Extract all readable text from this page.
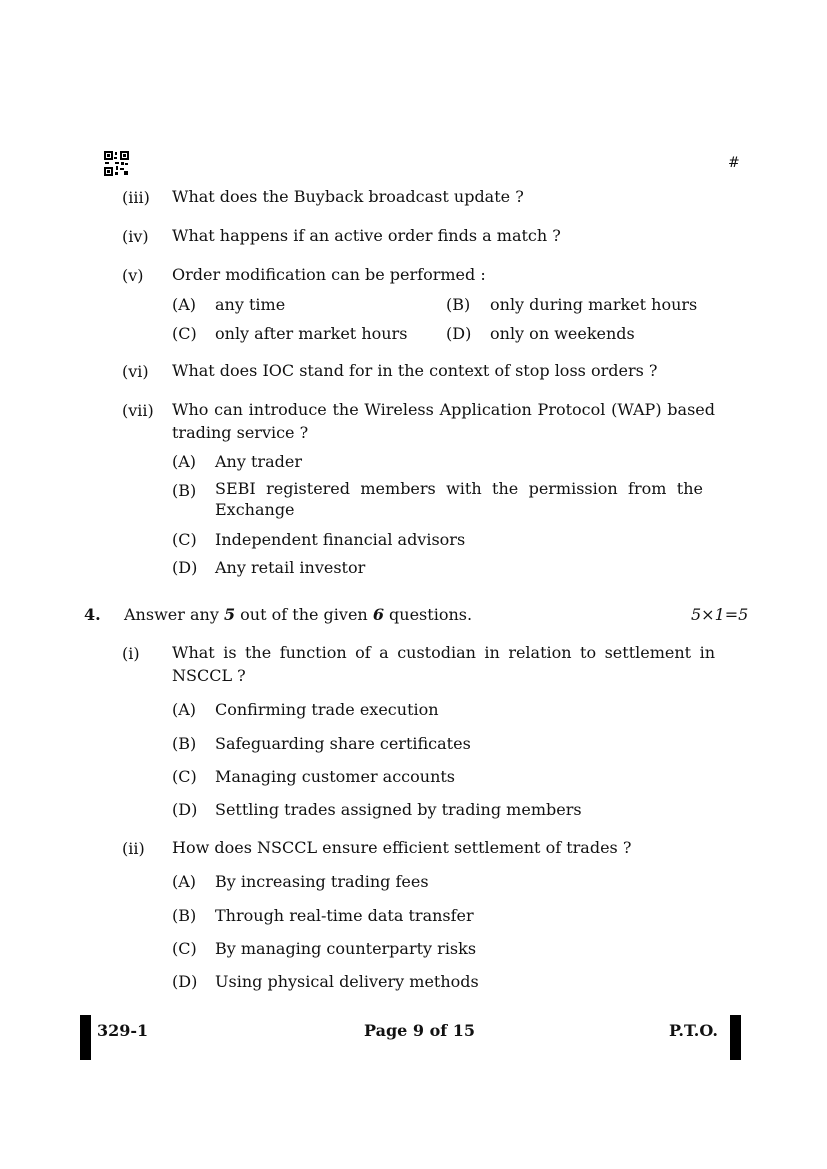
#
(iii) What does the Buyback broadcast update ?
(iv) What happens if an active order finds a match ?
(v) Order modification can be performed :
(A) any time	(B) only during market hours
(C) only after market hours (D) only on weekends
(vi) What does IOC stand for in the context of stop loss orders ?
(vii) Who can introduce the Wireless Application Protocol (WAP) based trading service ?
(A) Any trader
(B) SEBI registered members with the permission from the Exchange
(C) Independent financial advisors
(D) Any retail investor
4. Answer any 5 out of the given 6 questions.	5×1=5
(i) What is the function of a custodian in relation to settlement in NSCCL ?
(A) Confirming trade execution
(B) Safeguarding share certificates
(C) Managing customer accounts
(D) Settling trades assigned by trading members
(ii) How does NSCCL ensure efficient settlement of trades ?
(A) By increasing trading fees
(B) Through real-time data transfer
(C) By managing counterparty risks
(D) Using physical delivery methods
329-1	Page 9 of 15	P.T.O.
